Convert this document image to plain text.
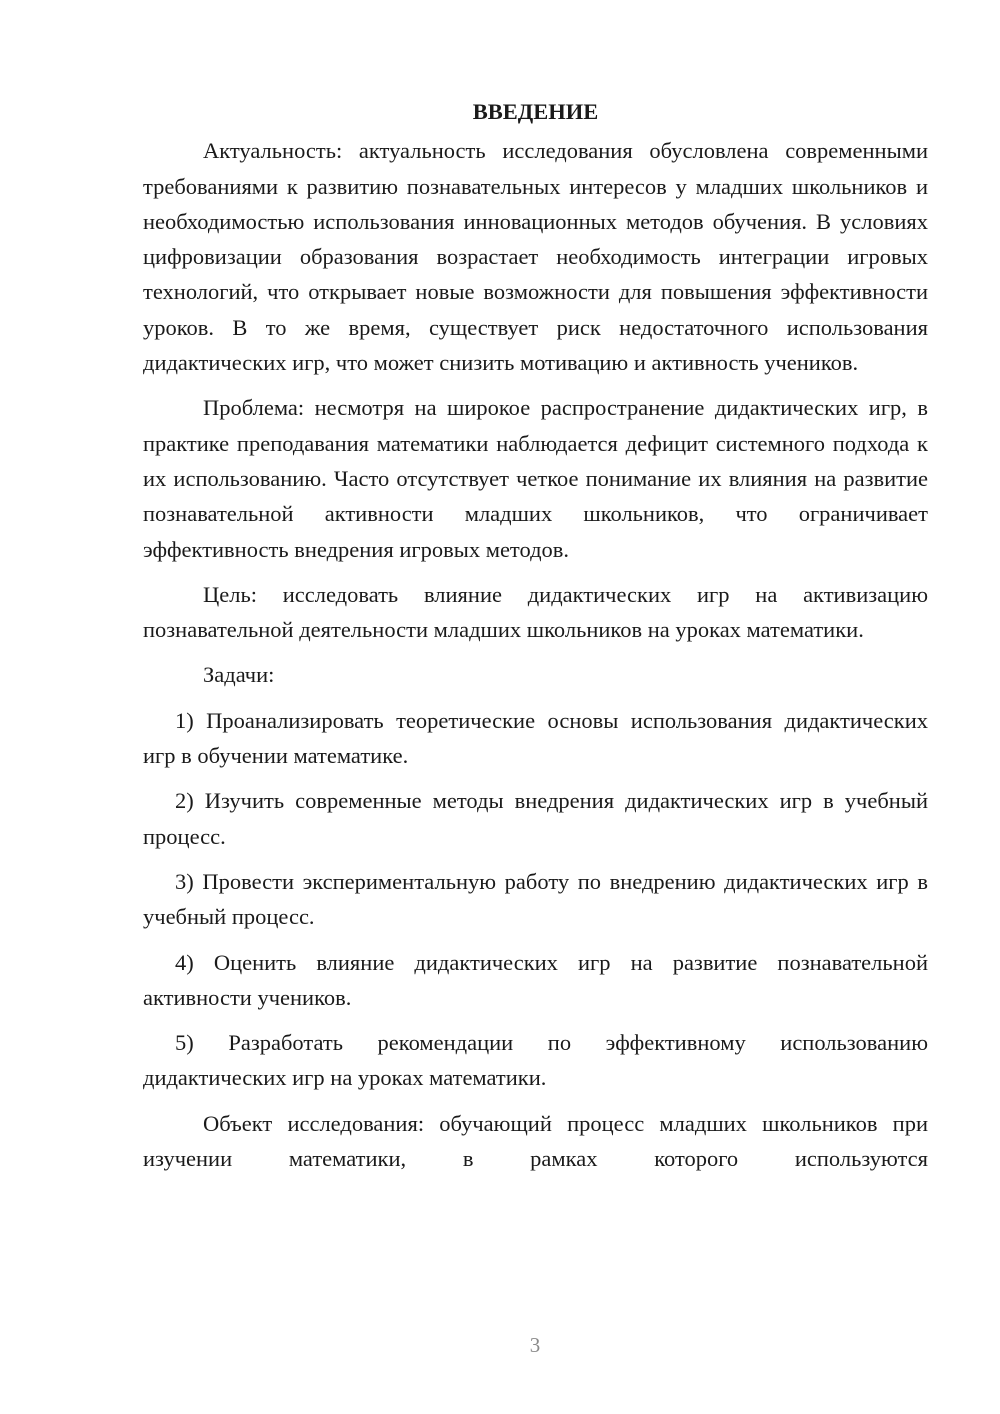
ВВЕДЕНИЕ

Актуальность: актуальность исследования обусловлена современными требованиями к развитию познавательных интересов у младших школьников и необходимостью использования инновационных методов обучения. В условиях цифровизации образования возрастает необходимость интеграции игровых технологий, что открывает новые возможности для повышения эффективности уроков. В то же время, существует риск недостаточного использования дидактических игр, что может снизить мотивацию и активность учеников.

Проблема: несмотря на широкое распространение дидактических игр, в практике преподавания математики наблюдается дефицит системного подхода к их использованию. Часто отсутствует четкое понимание их влияния на развитие познавательной активности младших школьников, что ограничивает эффективность внедрения игровых методов.

Цель: исследовать влияние дидактических игр на активизацию познавательной деятельности младших школьников на уроках математики.

Задачи:

1) Проанализировать теоретические основы использования дидактических игр в обучении математике.

2) Изучить современные методы внедрения дидактических игр в учебный процесс.

3) Провести экспериментальную работу по внедрению дидактических игр в учебный процесс.

4) Оценить влияние дидактических игр на развитие познавательной активности учеников.

5) Разработать рекомендации по эффективному использованию дидактических игр на уроках математики.

Объект исследования: обучающий процесс младших школьников при изучении математики, в рамках которого используются

3
